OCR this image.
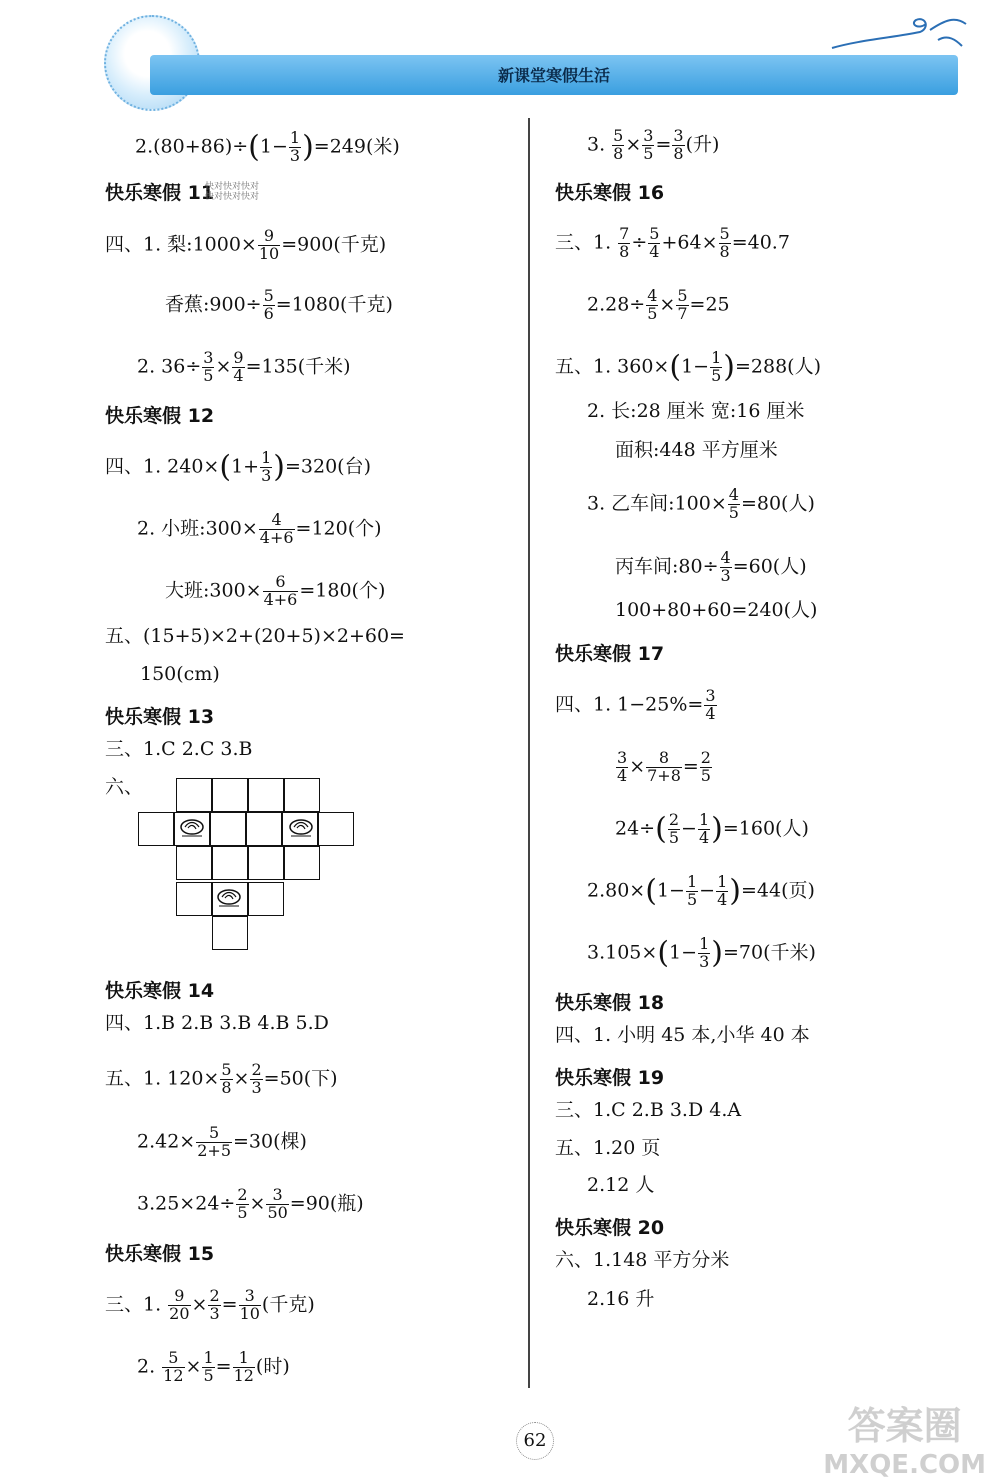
新课堂寒假生活
$2.(80+86)\div(1- \frac{1}{3} )=249$(米)
快乐寒假 11
快对快对快对
快对快对快对
四、1. 梨:1000× $\frac{9}{10} =900$(千克)
香蕉:900÷ $\frac{5}{6} =1080$(千克)
2. $36\div \frac{3}{5} \times \frac{9}{4} =135$(千米)
快乐寒假 12
四、1. $240\times(1+ \frac{1}{3} )=320$(台)
2. 小班:300× $\frac{4}{4+6} =120$(个)
大班:300× $\frac{6}{4+6} =180$(个)
五、(15+5)×2+(20+5)×2+60=
150(cm)
快乐寒假 13
三、1.C 2.C 3.B
六、
快乐寒假 14
四、1.B 2.B 3.B 4.B 5.D
五、1. $120\times \frac{5}{8} \times \frac{2}{3} =50$(下)
$2.42\times \frac{5}{2+5} =30$(棵)
$3.25\times 24\div \frac{2}{5} \times \frac{3}{50} =90$(瓶)
快乐寒假 15
三、1. $\frac{9}{20} \times \frac{2}{3} = \frac{3}{10}$ (千克)
2. $\frac{5}{12} \times \frac{1}{5} = \frac{1}{12}$ (时)
3. $\frac{5}{8} \times \frac{3}{5} = \frac{3}{8}$ (升)
快乐寒假 16
三、1. $\frac{7}{8} \div \frac{5}{4} +64\times \frac{5}{8} =40.7$
$2.28\div \frac{4}{5} \times \frac{5}{7} =25$
五、1. $360\times(1- \frac{1}{5} )=288$(人)
2. 长:28 厘米 宽:16 厘米
面积:448 平方厘米
3. 乙车间:100× $\frac{4}{5} =80$(人)
丙车间:80÷ $\frac{4}{3} =60$(人)
100+80+60=240(人)
快乐寒假 17
四、1. $1-25\%= \frac{3}{4}$
$\frac{3}{4} \times \frac{8}{7+8} = \frac{2}{5}$
$24\div( \frac{2}{5} - \frac{1}{4} )=160$(人)
$2.80\times(1- \frac{1}{5} - \frac{1}{4} )=44$(页)
$3.105\times(1- \frac{1}{3} )=70$(千米)
快乐寒假 18
四、1. 小明 45 本,小华 40 本
快乐寒假 19
三、1.C 2.B 3.D 4.A
五、1.20 页
2.12 人
快乐寒假 20
六、1.148 平方分米
2.16 升
62	答案圈
MXQE.COM
